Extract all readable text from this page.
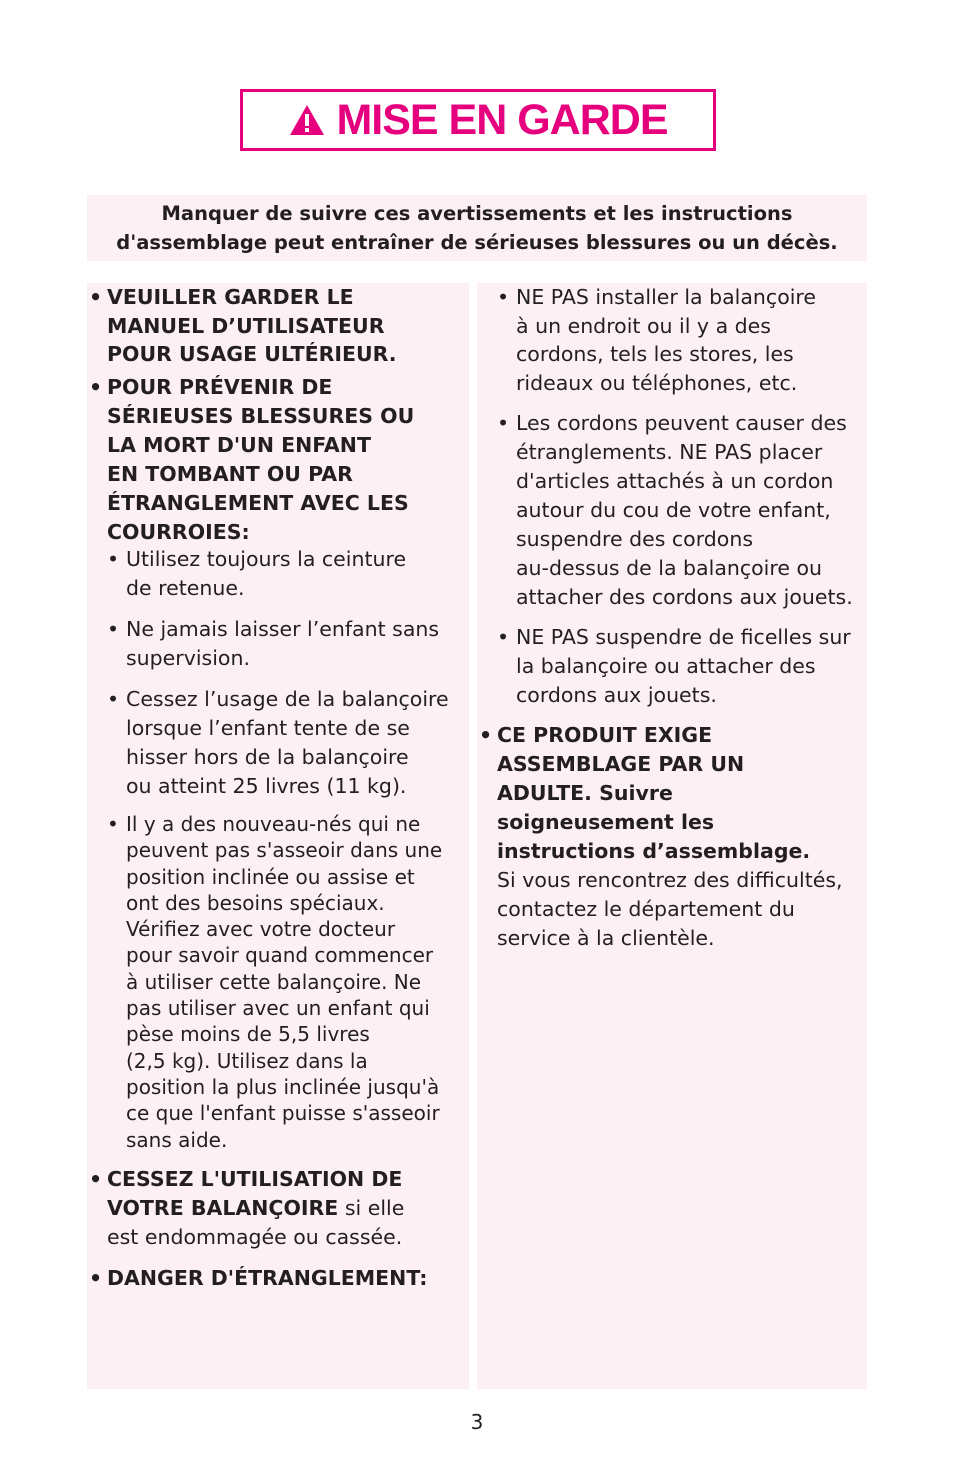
MISE EN GARDE
Manquer de suivre ces avertissements et les instructions
d'assemblage peut entraîner de sérieuses blessures ou un décès.
• VEUILLER GARDER LE
MANUEL D’UTILISATEUR
POUR USAGE ULTÉRIEUR.
• POUR PRÉVENIR DE
SÉRIEUSES BLESSURES OU
LA MORT D'UN ENFANT
EN TOMBANT OU PAR
ÉTRANGLEMENT AVEC LES
COURROIES:
• Utilisez toujours la ceinture
de retenue.
• Ne jamais laisser l’enfant sans
supervision.
• Cessez l’usage de la balançoire
lorsque l’enfant tente de se
hisser hors de la balançoire
ou atteint 25 livres (11 kg).
• Il y a des nouveau-nés qui ne
peuvent pas s'asseoir dans une
position inclinée ou assise et
ont des besoins spéciaux.
Vérifiez avec votre docteur
pour savoir quand commencer
à utiliser cette balançoire. Ne
pas utiliser avec un enfant qui
pèse moins de 5,5 livres
(2,5 kg). Utilisez dans la
position la plus inclinée jusqu'à
ce que l'enfant puisse s'asseoir
sans aide.
• CESSEZ L'UTILISATION DE
VOTRE BALANÇOIRE si elle
est endommagée ou cassée.
• DANGER D'ÉTRANGLEMENT:
• NE PAS installer la balançoire
à un endroit ou il y a des
cordons, tels les stores, les
rideaux ou téléphones, etc.
• Les cordons peuvent causer des
étranglements. NE PAS placer
d'articles attachés à un cordon
autour du cou de votre enfant,
suspendre des cordons
au-dessus de la balançoire ou
attacher des cordons aux jouets.
• NE PAS suspendre de ficelles sur
la balançoire ou attacher des
cordons aux jouets.
• CE PRODUIT EXIGE
ASSEMBLAGE PAR UN
ADULTE. Suivre
soigneusement les
instructions d’assemblage.
Si vous rencontrez des difficultés,
contactez le département du
service à la clientèle.
3
